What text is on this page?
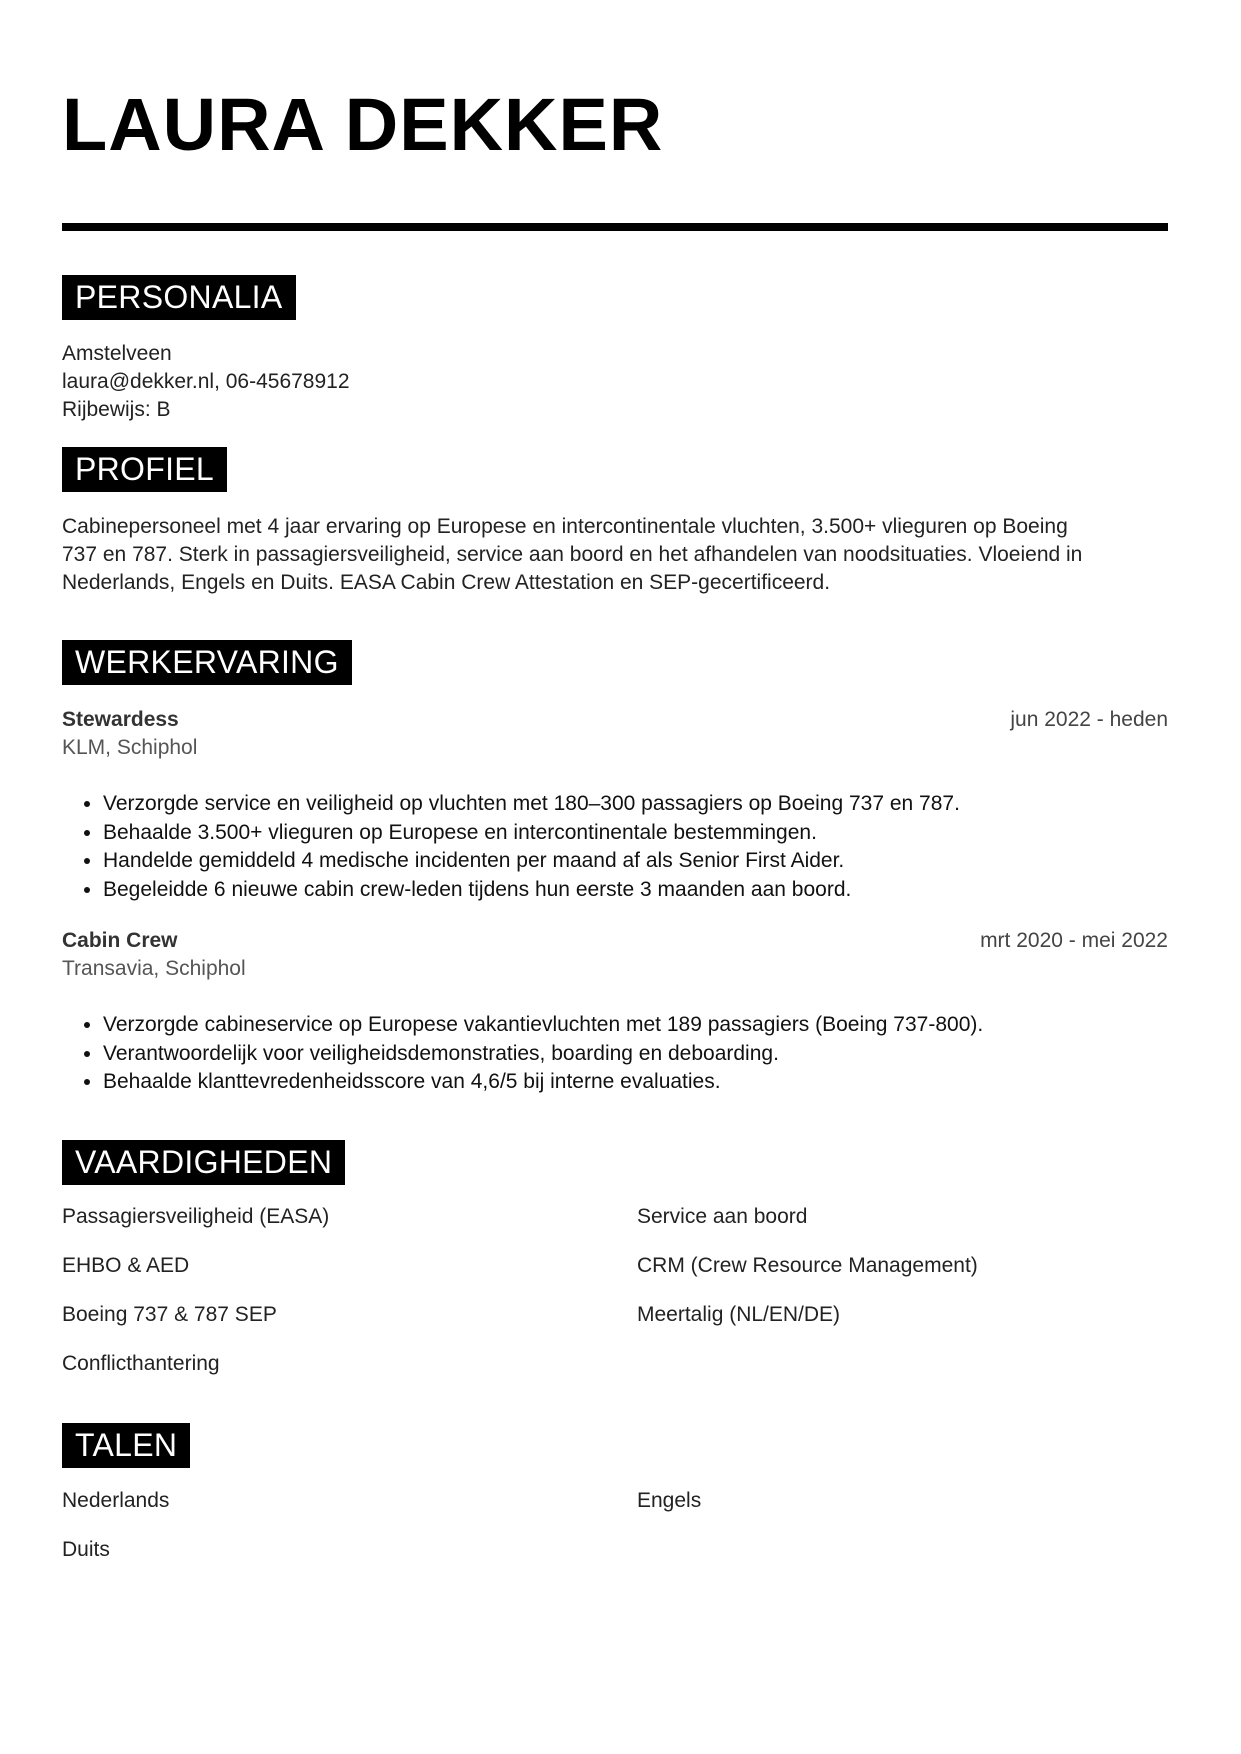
LAURA DEKKER
PERSONALIA
Amstelveen
laura@dekker.nl, 06-45678912
Rijbewijs: B
PROFIEL
Cabinepersoneel met 4 jaar ervaring op Europese en intercontinentale vluchten, 3.500+ vlieguren op Boeing
737 en 787. Sterk in passagiersveiligheid, service aan boord en het afhandelen van noodsituaties. Vloeiend in
Nederlands, Engels en Duits. EASA Cabin Crew Attestation en SEP-gecertificeerd.
WERKERVARING
Stewardess	jun 2022 - heden
KLM, Schiphol
• Verzorgde service en veiligheid op vluchten met 180–300 passagiers op Boeing 737 en 787.
• Behaalde 3.500+ vlieguren op Europese en intercontinentale bestemmingen.
• Handelde gemiddeld 4 medische incidenten per maand af als Senior First Aider.
• Begeleidde 6 nieuwe cabin crew-leden tijdens hun eerste 3 maanden aan boord.
Cabin Crew	mrt 2020 - mei 2022
Transavia, Schiphol
• Verzorgde cabineservice op Europese vakantievluchten met 189 passagiers (Boeing 737-800).
• Verantwoordelijk voor veiligheidsdemonstraties, boarding en deboarding.
• Behaalde klanttevredenheidsscore van 4,6/5 bij interne evaluaties.
VAARDIGHEDEN
Passagiersveiligheid (EASA)	Service aan boord
EHBO & AED	CRM (Crew Resource Management)
Boeing 737 & 787 SEP	Meertalig (NL/EN/DE)
Conflicthantering
TALEN
Nederlands	Engels
Duits
